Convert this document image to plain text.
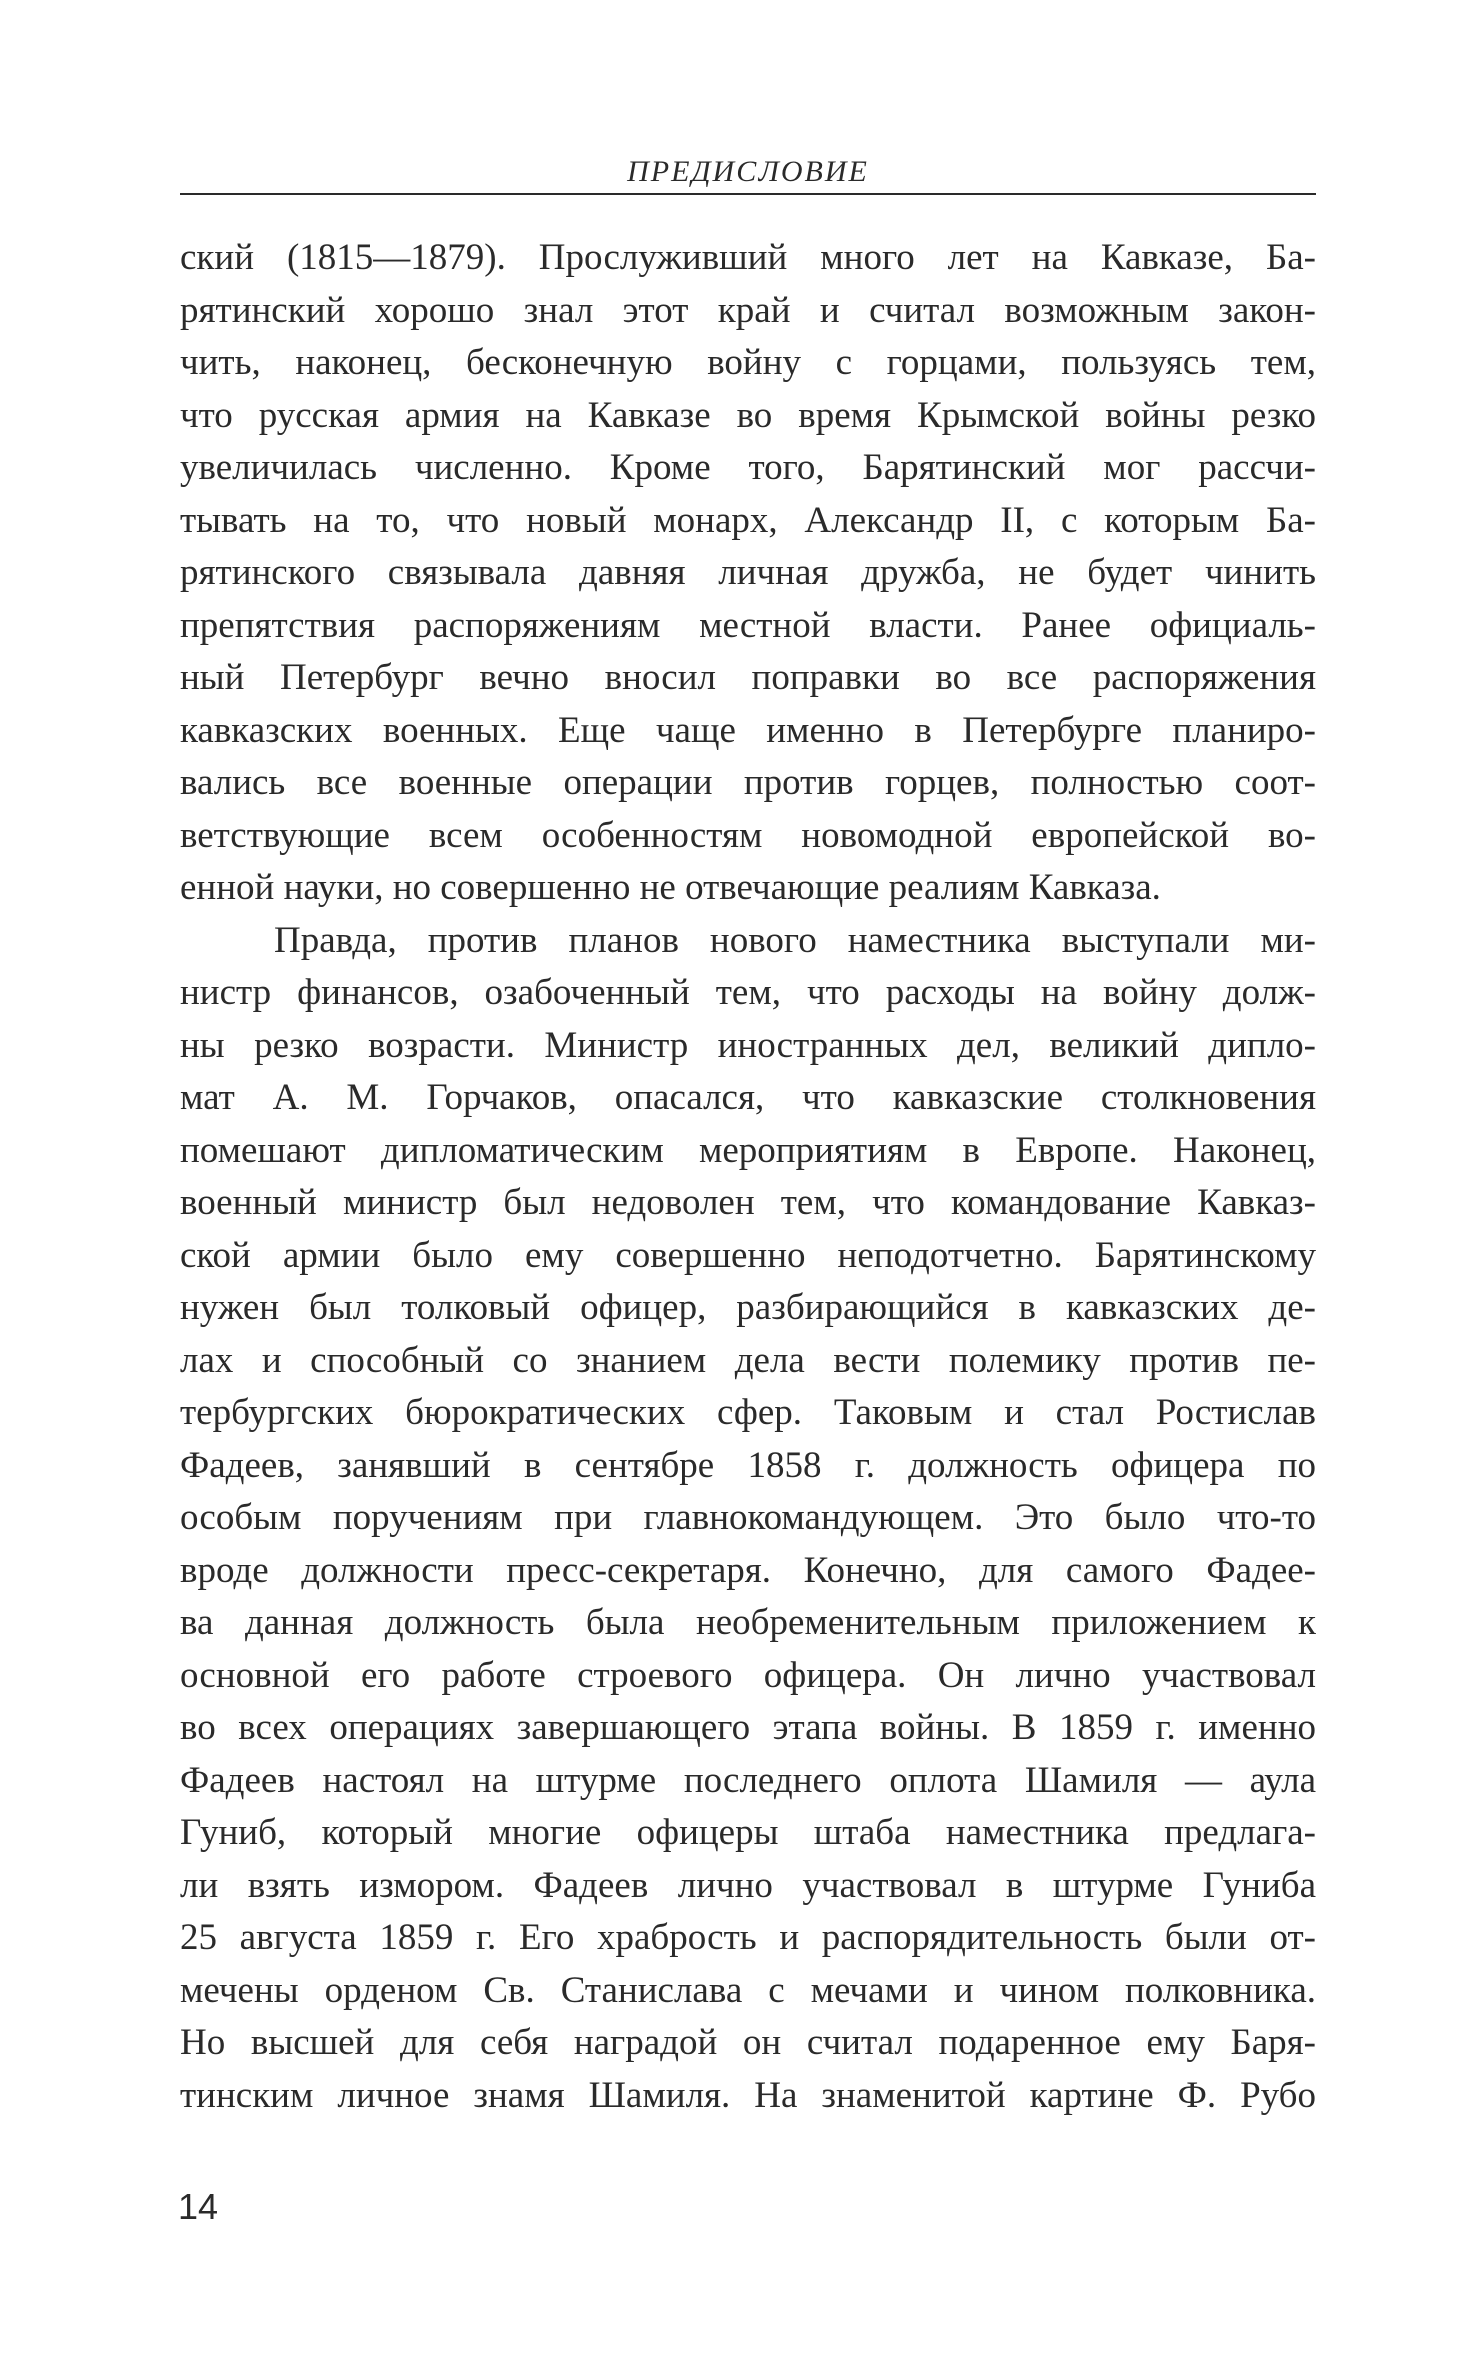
ПРЕДИСЛОВИЕ
ский (1815—1879). Прослуживший много лет на Кавказе, Ба-
рятинский хорошо знал этот край и считал возможным закон-
чить, наконец, бесконечную войну с горцами, пользуясь тем,
что русская армия на Кавказе во время Крымской войны резко
увеличилась численно. Кроме того, Барятинский мог рассчи-
тывать на то, что новый монарх, Александр II, с которым Ба-
рятинского связывала давняя личная дружба, не будет чинить
препятствия распоряжениям местной власти. Ранее официаль-
ный Петербург вечно вносил поправки во все распоряжения
кавказских военных. Еще чаще именно в Петербурге планиро-
вались все военные операции против горцев, полностью соот-
ветствующие всем особенностям новомодной европейской во-
енной науки, но совершенно не отвечающие реалиям Кавказа.
Правда, против планов нового наместника выступали ми-
нистр финансов, озабоченный тем, что расходы на войну долж-
ны резко возрасти. Министр иностранных дел, великий дипло-
мат А. М. Горчаков, опасался, что кавказские столкновения
помешают дипломатическим мероприятиям в Европе. Наконец,
военный министр был недоволен тем, что командование Кавказ-
ской армии было ему совершенно неподотчетно. Барятинскому
нужен был толковый офицер, разбирающийся в кавказских де-
лах и способный со знанием дела вести полемику против пе-
тербургских бюрократических сфер. Таковым и стал Ростислав
Фадеев, занявший в сентябре 1858 г. должность офицера по
особым поручениям при главнокомандующем. Это было что-то
вроде должности пресс-секретаря. Конечно, для самого Фадее-
ва данная должность была необременительным приложением к
основной его работе строевого офицера. Он лично участвовал
во всех операциях завершающего этапа войны. В 1859 г. именно
Фадеев настоял на штурме последнего оплота Шамиля — аула
Гуниб, который многие офицеры штаба наместника предлага-
ли взять измором. Фадеев лично участвовал в штурме Гуниба
25 августа 1859 г. Его храбрость и распорядительность были от-
мечены орденом Св. Станислава с мечами и чином полковника.
Но высшей для себя наградой он считал подаренное ему Баря-
тинским личное знамя Шамиля. На знаменитой картине Ф. Рубо
14
